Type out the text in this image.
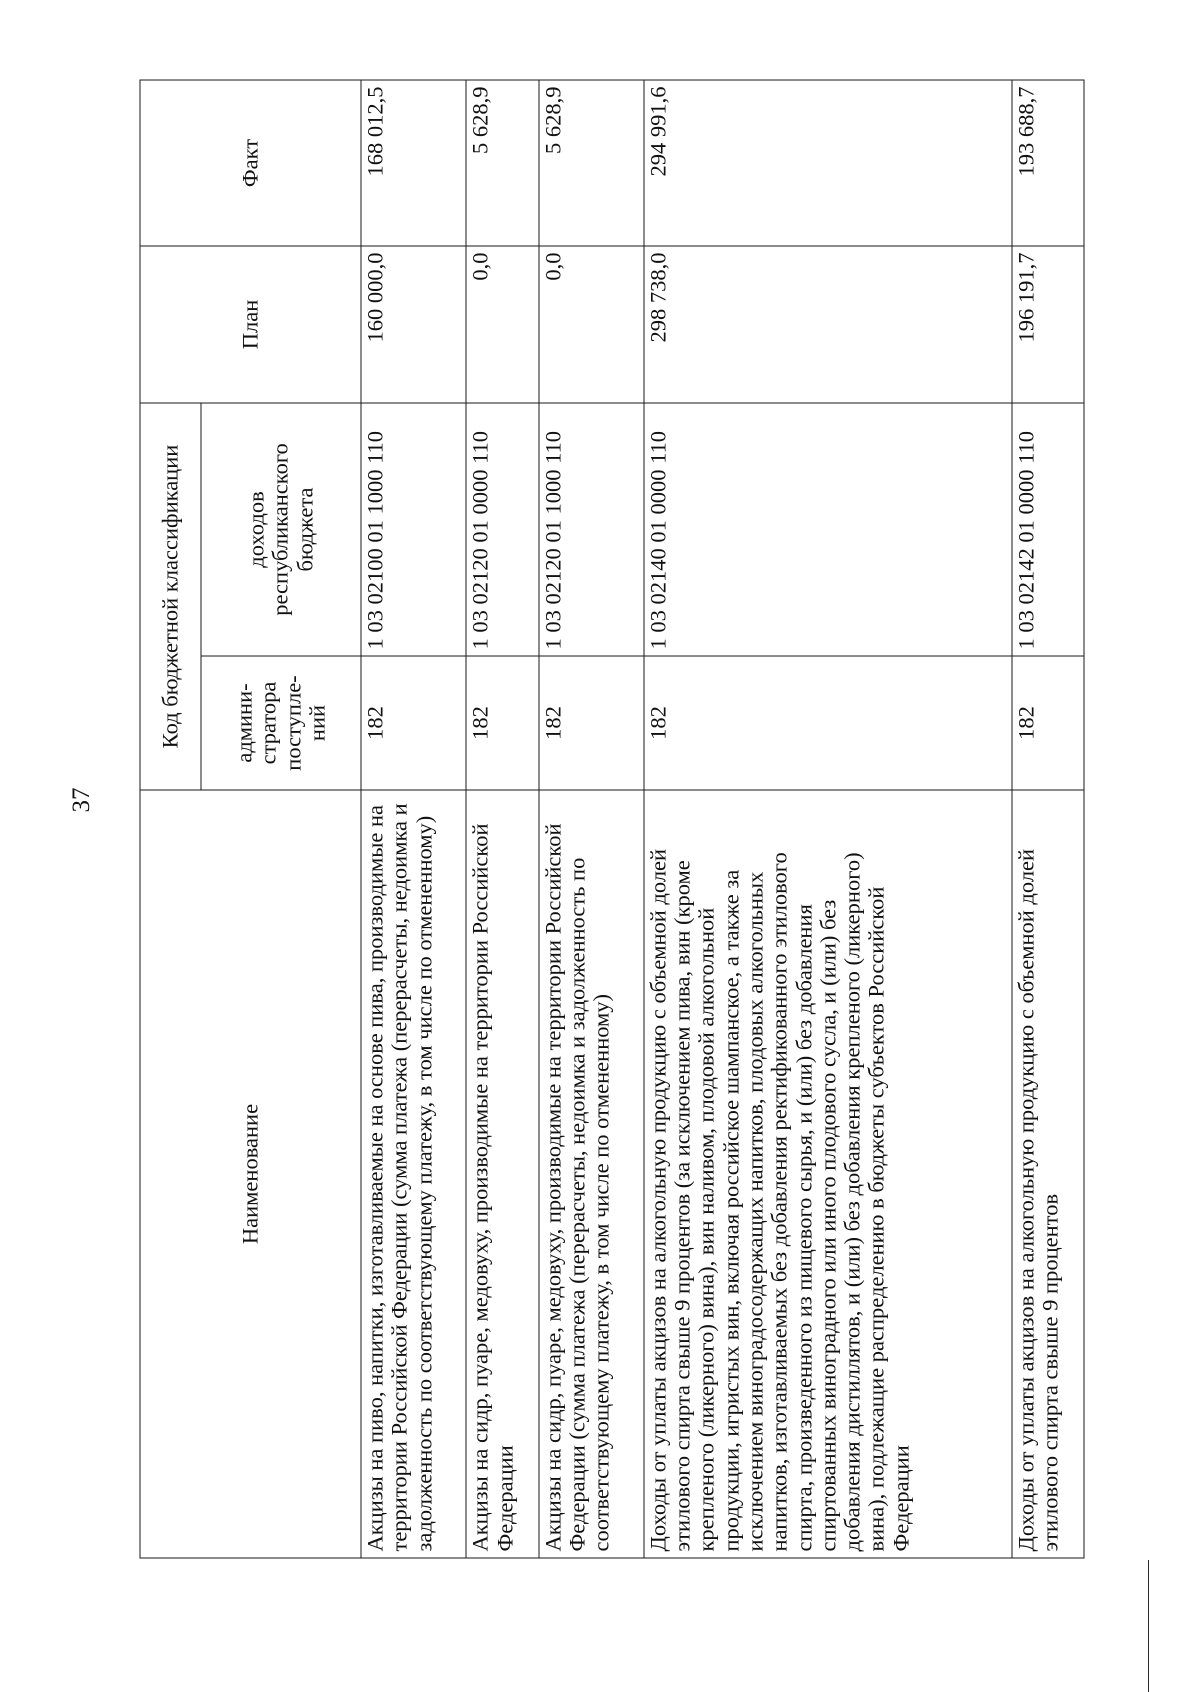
37
Наименование	Код бюджетной классификации		План	Факт
	админи-стратора поступле-ний	доходов республиканского бюджета		
Акцизы на пиво, напитки, изготавливаемые на основе пива, производимые на территории Российской Федерации (сумма платежа (перерасчеты, недоимка и задолженность по соответствующему платежу, в том числе по отмененному)	182	1 03 02100 01 1000 110	160 000,0	168 012,5
Акцизы на сидр, пуаре, медовуху, производимые на территории Российской Федерации	182	1 03 02120 01 0000 110	0,0	5 628,9
Акцизы на сидр, пуаре, медовуху, производимые на территории Российской Федерации (сумма платежа (перерасчеты, недоимка и задолженность по соответствующему платежу, в том числе по отмененному)	182	1 03 02120 01 1000 110	0,0	5 628,9
Доходы от уплаты акцизов на алкогольную продукцию с объемной долей этилового спирта свыше 9 процентов (за исключением пива, вин (кроме крепленого (ликерного) вина), вин наливом, плодовой алкогольной продукции, игристых вин, включая российское шампанское, а также за исключением виноградосодержащих напитков, плодовых алкогольных напитков, изготавливаемых без добавления ректификованного этилового спирта, произведенного из пищевого сырья, и (или) без добавления спиртованных виноградного или иного плодового сусла, и (или) без добавления дистиллятов, и (или) без добавления крепленого (ликерного) вина), подлежащие распределению в бюджеты субъектов Российской Федерации	182	1 03 02140 01 0000 110	298 738,0	294 991,6
Доходы от уплаты акцизов на алкогольную продукцию с объемной долей этилового спирта свыше 9 процентов	182	1 03 02142 01 0000 110	196 191,7	193 688,7
